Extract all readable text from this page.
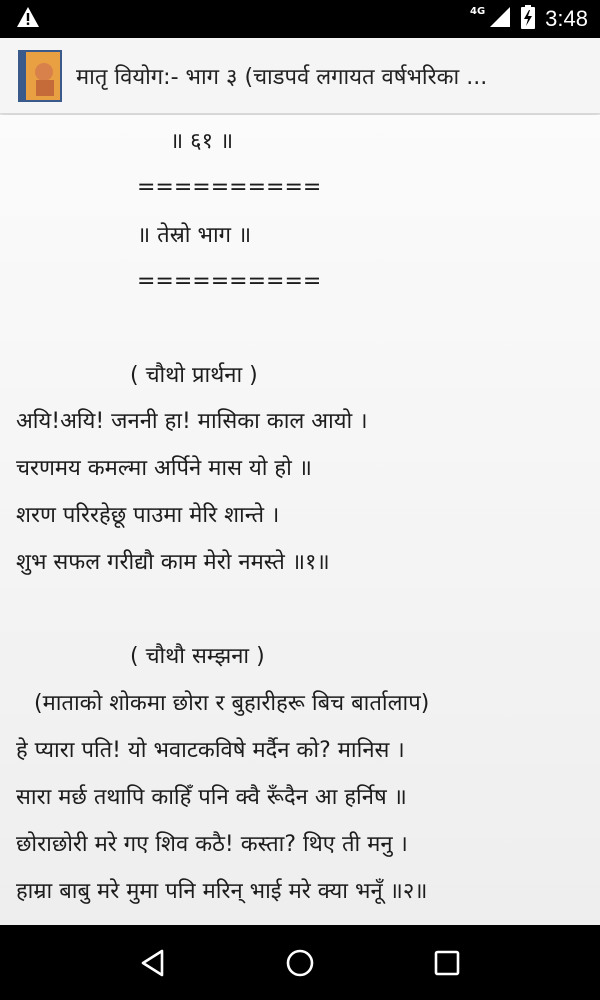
4G	3:48
मातृ वियोग:- भाग ३ (चाडपर्व लगायत वर्षभरिका ...
॥ ६१ ॥
==========
॥ तेस्रो भाग ॥
==========
( चौथो प्रार्थना )
अयि!अयि! जननी हा! मासिका काल आयो ।
चरणमय कमल्मा अर्पिने मास यो हो ॥
शरण परिरहेछू पाउमा मेरि शान्ते ।
शुभ सफल गरीद्यौ काम मेरो नमस्ते ॥१॥
( चौथौ सम्झना )
(माताको शोकमा छोरा र बुहारीहरू बिच बार्तालाप)
हे प्यारा पति! यो भवाटकविषे मर्दैन को? मानिस ।
सारा मर्छ तथापि काहिँ पनि क्वै रूँदैन आ हर्निष ॥
छोराछोरी मरे गए शिव कठै! कस्ता? थिए ती मनु ।
हाम्रा बाबु मरे मुमा पनि मरिन् भाई मरे क्या भनूँ ॥२॥
